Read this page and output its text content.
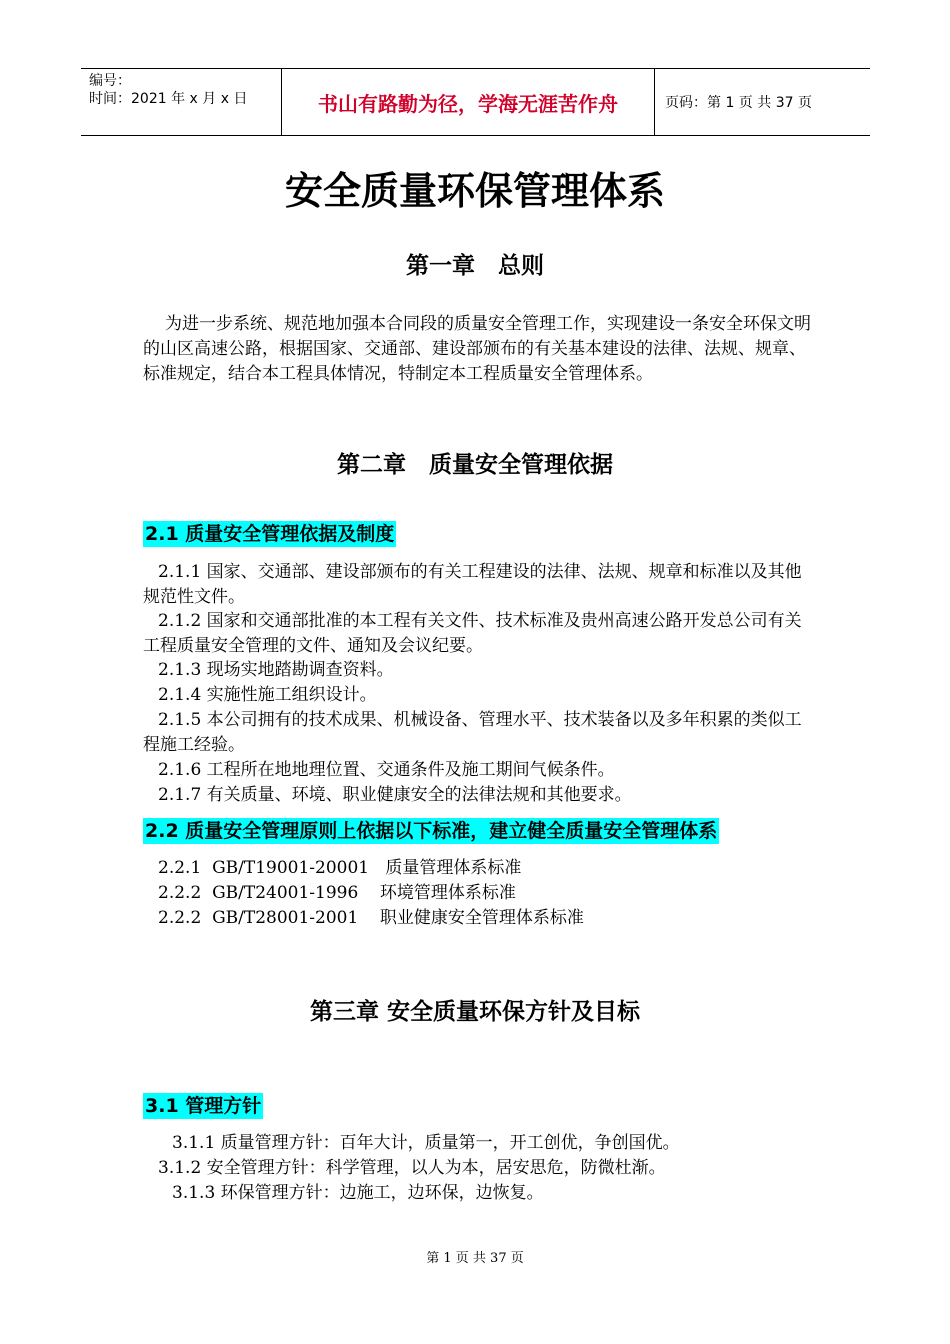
编号：
时间：2021 年 x 月 x 日	书山有路勤为径，学海无涯苦作舟	页码：第 1 页 共 37 页
安全质量环保管理体系
第一章　总则
为进一步系统、规范地加强本合同段的质量安全管理工作，实现建设一条安全环保文明的山区高速公路，根据国家、交通部、建设部颁布的有关基本建设的法律、法规、规章、标准规定，结合本工程具体情况，特制定本工程质量安全管理体系。
第二章　质量安全管理依据
2.1 质量安全管理依据及制度
2.1.1 国家、交通部、建设部颁布的有关工程建设的法律、法规、规章和标准以及其他规范性文件。
2.1.2 国家和交通部批准的本工程有关文件、技术标准及贵州高速公路开发总公司有关工程质量安全管理的文件、通知及会议纪要。
2.1.3 现场实地踏勘调查资料。
2.1.4 实施性施工组织设计。
2.1.5 本公司拥有的技术成果、机械设备、管理水平、技术装备以及多年积累的类似工程施工经验。
2.1.6 工程所在地地理位置、交通条件及施工期间气候条件。
2.1.7 有关质量、环境、职业健康安全的法律法规和其他要求。
2.2 质量安全管理原则上依据以下标准，建立健全质量安全管理体系
2.2.1  GB/T19001-20001   质量管理体系标准
2.2.2  GB/T24001-1996    环境管理体系标准
2.2.2  GB/T28001-2001    职业健康安全管理体系标准
第三章 安全质量环保方针及目标
3.1 管理方针
3.1.1 质量管理方针：百年大计，质量第一，开工创优，争创国优。
3.1.2 安全管理方针：科学管理，以人为本，居安思危，防微杜渐。
3.1.3 环保管理方针：边施工，边环保，边恢复。
第 1 页 共 37 页
